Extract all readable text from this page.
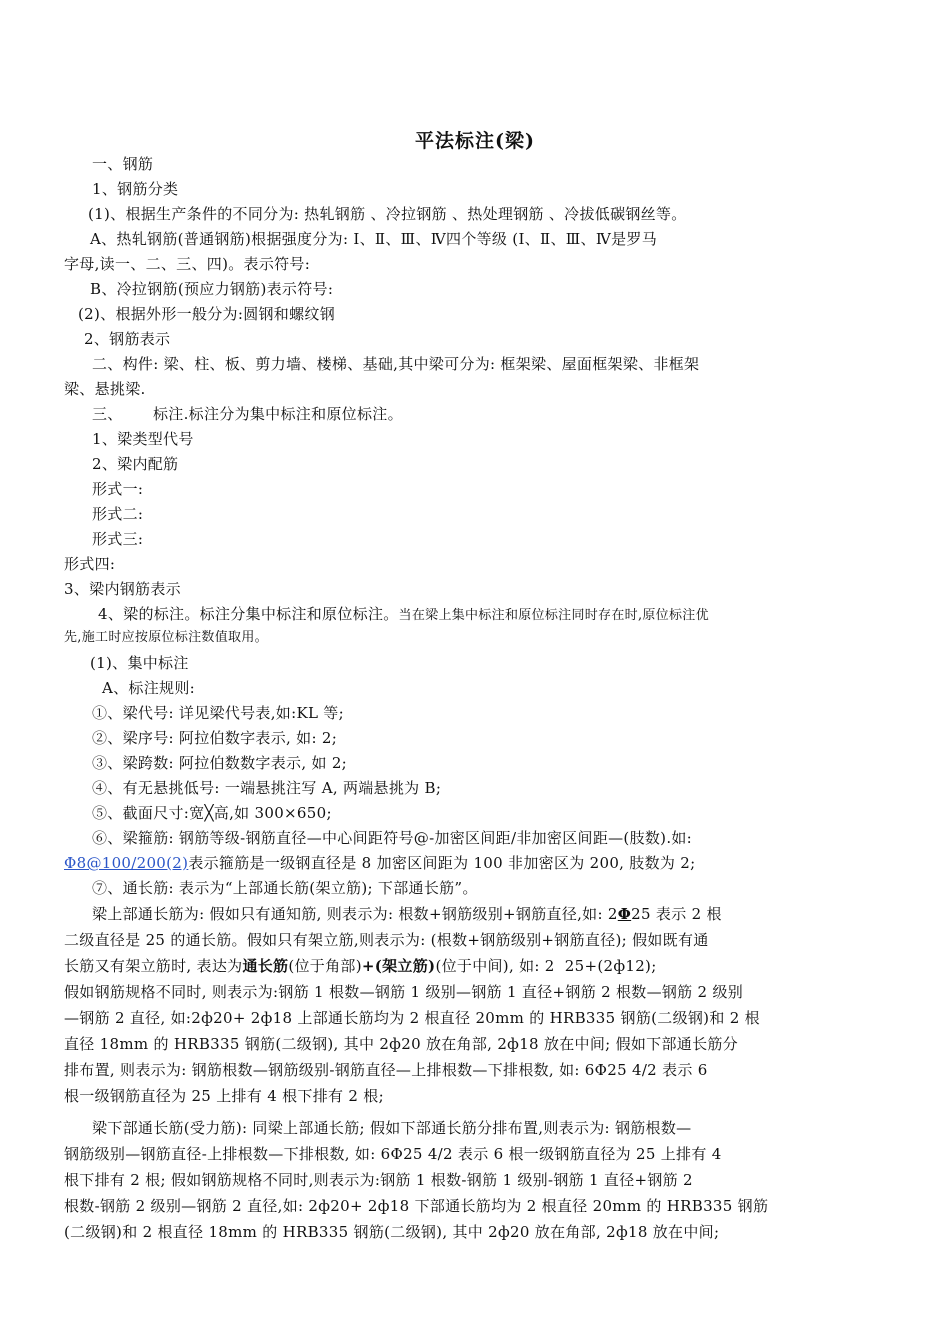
平法标注(梁)
一、钢筋
1、钢筋分类
(1)、根据生产条件的不同分为: 热轧钢筋 、冷拉钢筋 、热处理钢筋 、冷拔低碳钢丝等。
A、热轧钢筋(普通钢筋)根据强度分为: Ⅰ、Ⅱ、Ⅲ、Ⅳ四个等级 (Ⅰ、Ⅱ、Ⅲ、Ⅳ是罗马
字母,读一、二、三、四)。表示符号:
B、冷拉钢筋(预应力钢筋)表示符号:
(2)、根据外形一般分为:圆钢和螺纹钢
2、钢筋表示
二、构件: 梁、柱、板、剪力墙、楼梯、基础,其中梁可分为: 框架梁、屋面框架梁、非框架
梁、悬挑梁.
三、      标注.标注分为集中标注和原位标注。
1、梁类型代号
2、梁内配筋
形式一:
形式二:
形式三:
形式四:
3、梁内钢筋表示
4、梁的标注。标注分集中标注和原位标注。当在梁上集中标注和原位标注同时存在时,原位标注优
先,施工时应按原位标注数值取用。
(1)、集中标注
A、标注规则:
①、梁代号: 详见梁代号表,如:KL 等;
②、梁序号: 阿拉伯数字表示, 如: 2;
③、梁跨数: 阿拉伯数数字表示, 如 2;
④、有无悬挑低号: 一端悬挑注写 A, 两端悬挑为 B;
⑤、截面尺寸:宽╳高,如 300×650;
⑥、梁箍筋: 钢筋等级-钢筋直径—中心间距符号@-加密区间距/非加密区间距—(肢数).如:
Φ8@100/200(2)表示箍筋是一级钢直径是 8 加密区间距为 100 非加密区为 200, 肢数为 2;
⑦、通长筋: 表示为“上部通长筋(架立筋); 下部通长筋”。
梁上部通长筋为: 假如只有通知筋, 则表示为: 根数+钢筋级别+钢筋直径,如: 2Φ25 表示 2 根
二级直径是 25 的通长筋。假如只有架立筋,则表示为: (根数+钢筋级别+钢筋直径); 假如既有通
长筋又有架立筋时, 表达为通长筋(位于角部)+(架立筋)(位于中间), 如: 2  25+(2ф12);
假如钢筋规格不同时, 则表示为:钢筋 1 根数—钢筋 1 级别—钢筋 1 直径+钢筋 2 根数—钢筋 2 级别
—钢筋 2 直径, 如:2ф20+ 2ф18 上部通长筋均为 2 根直径 20mm 的 HRB335 钢筋(二级钢)和 2 根
直径 18mm 的 HRB335 钢筋(二级钢), 其中 2ф20 放在角部, 2ф18 放在中间; 假如下部通长筋分
排布置, 则表示为: 钢筋根数—钢筋级别-钢筋直径—上排根数—下排根数, 如: 6Φ25 4/2 表示 6
根一级钢筋直径为 25 上排有 4 根下排有 2 根;
梁下部通长筋(受力筋): 同梁上部通长筋; 假如下部通长筋分排布置,则表示为: 钢筋根数—
钢筋级别—钢筋直径-上排根数—下排根数, 如: 6Φ25 4/2 表示 6 根一级钢筋直径为 25 上排有 4
根下排有 2 根; 假如钢筋规格不同时,则表示为:钢筋 1 根数-钢筋 1 级别-钢筋 1 直径+钢筋 2
根数-钢筋 2 级别—钢筋 2 直径,如: 2ф20+ 2ф18 下部通长筋均为 2 根直径 20mm 的 HRB335 钢筋
(二级钢)和 2 根直径 18mm 的 HRB335 钢筋(二级钢), 其中 2ф20 放在角部, 2ф18 放在中间;
